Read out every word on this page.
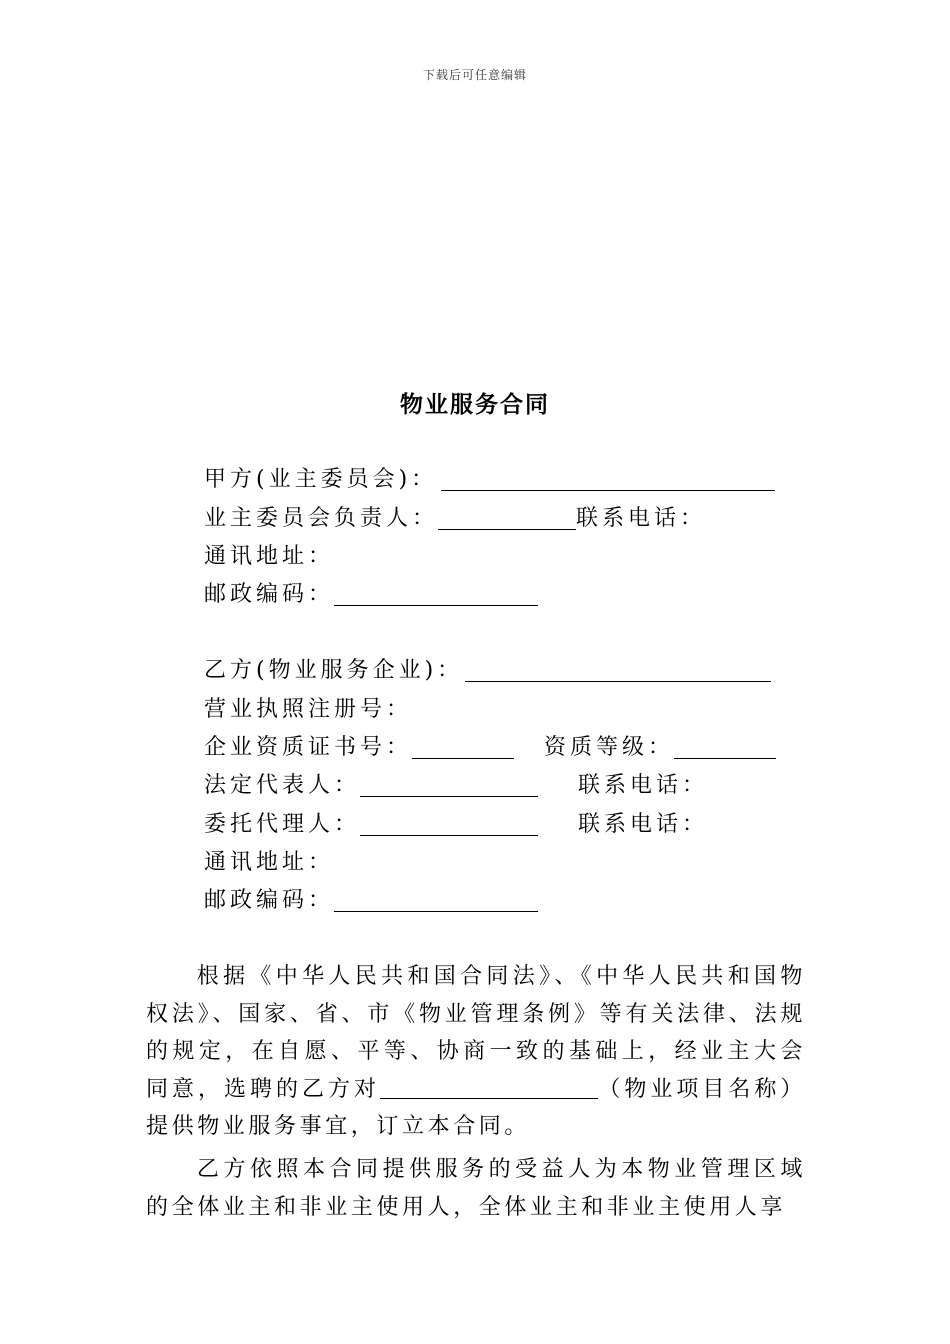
下载后可任意编辑
物业服务合同
甲方(业主委员会)：
业主委员会负责人：	联系电话：
通讯地址：
邮政编码：
乙方(物业服务企业)：
营业执照注册号：
企业资质证书号：	资质等级：
法定代表人：	联系电话：
委托代理人：	联系电话：
通讯地址：
邮政编码：
根据《中华人民共和国合同法》、《中华人民共和国物权法》、国家、省、市《物业管理条例》等有关法律、法规的规定，在自愿、平等、协商一致的基础上，经业主大会同意，选聘的乙方对	（物业项目名称）提供物业服务事宜，订立本合同。
乙方依照本合同提供服务的受益人为本物业管理区域的全体业主和非业主使用人，全体业主和非业主使用人享
